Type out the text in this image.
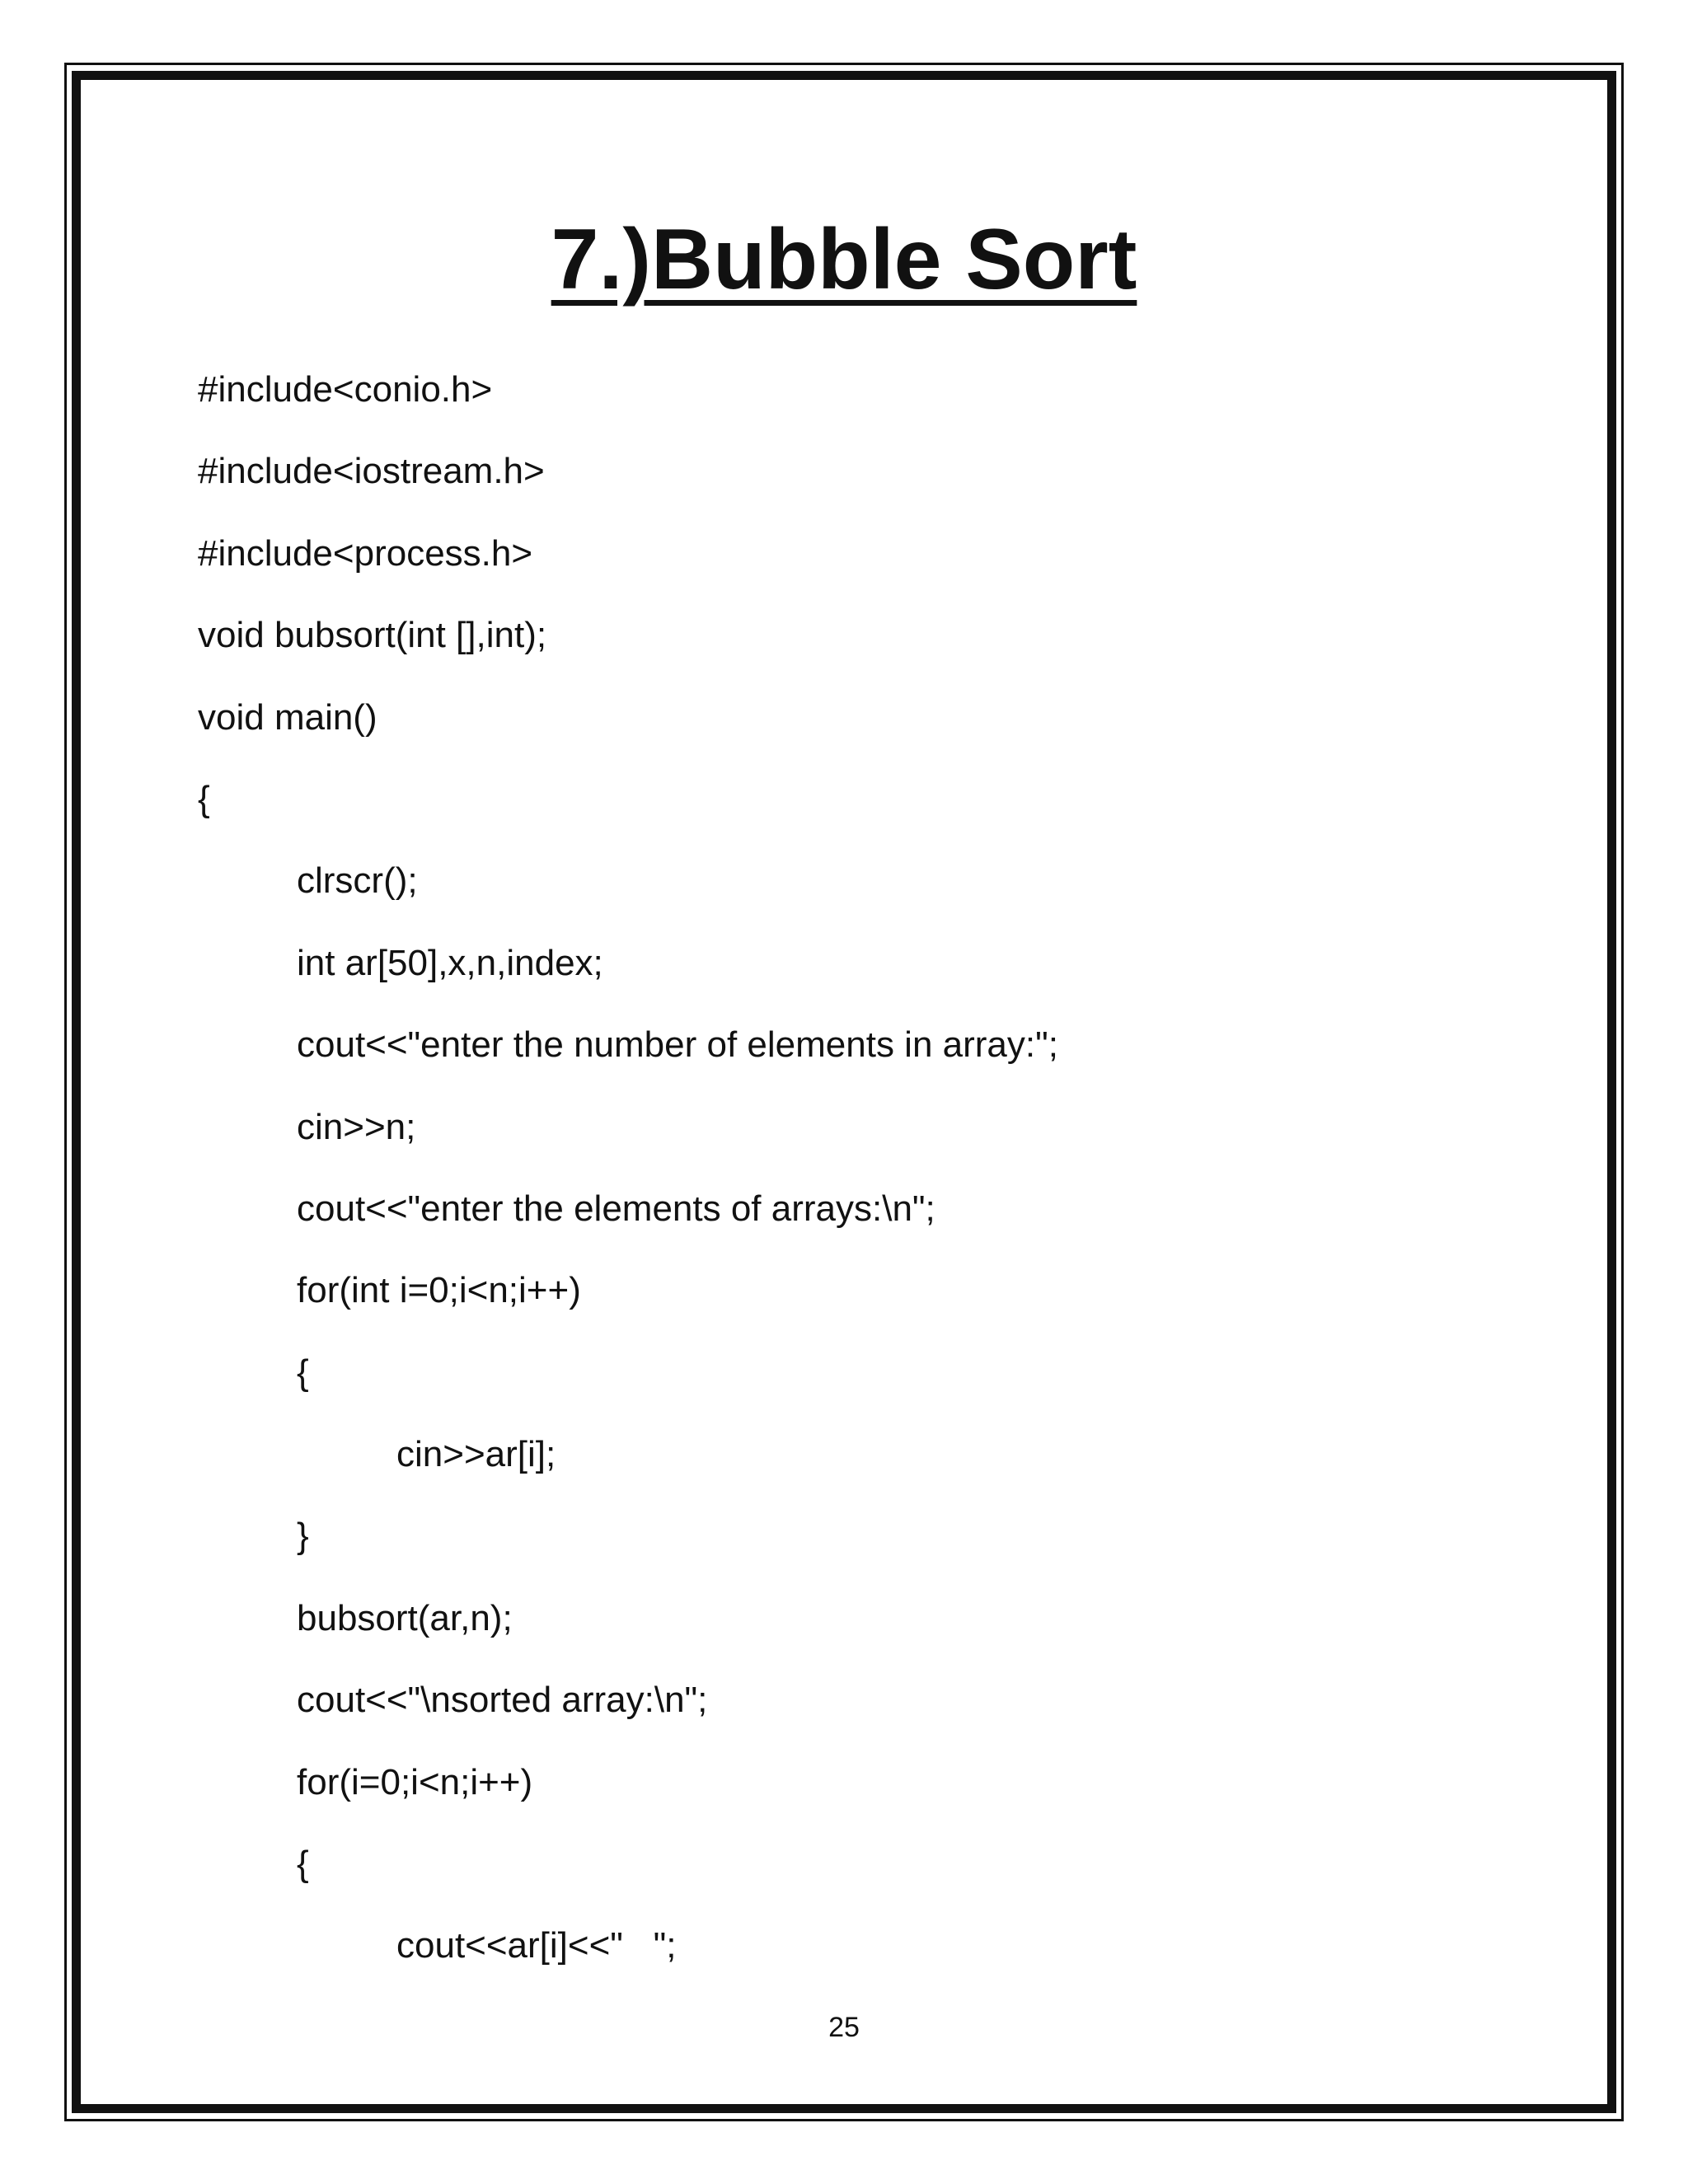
7.)Bubble Sort
#include<conio.h>
#include<iostream.h>
#include<process.h>
void bubsort(int [],int);
void main()
{
clrscr();
int ar[50],x,n,index;
cout<<"enter the number of elements in array:";
cin>>n;
cout<<"enter the elements of arrays:\n";
for(int i=0;i<n;i++)
{
cin>>ar[i];
}
bubsort(ar,n);
cout<<"\nsorted array:\n";
for(i=0;i<n;i++)
{
cout<<ar[i]<<"   ";
25
